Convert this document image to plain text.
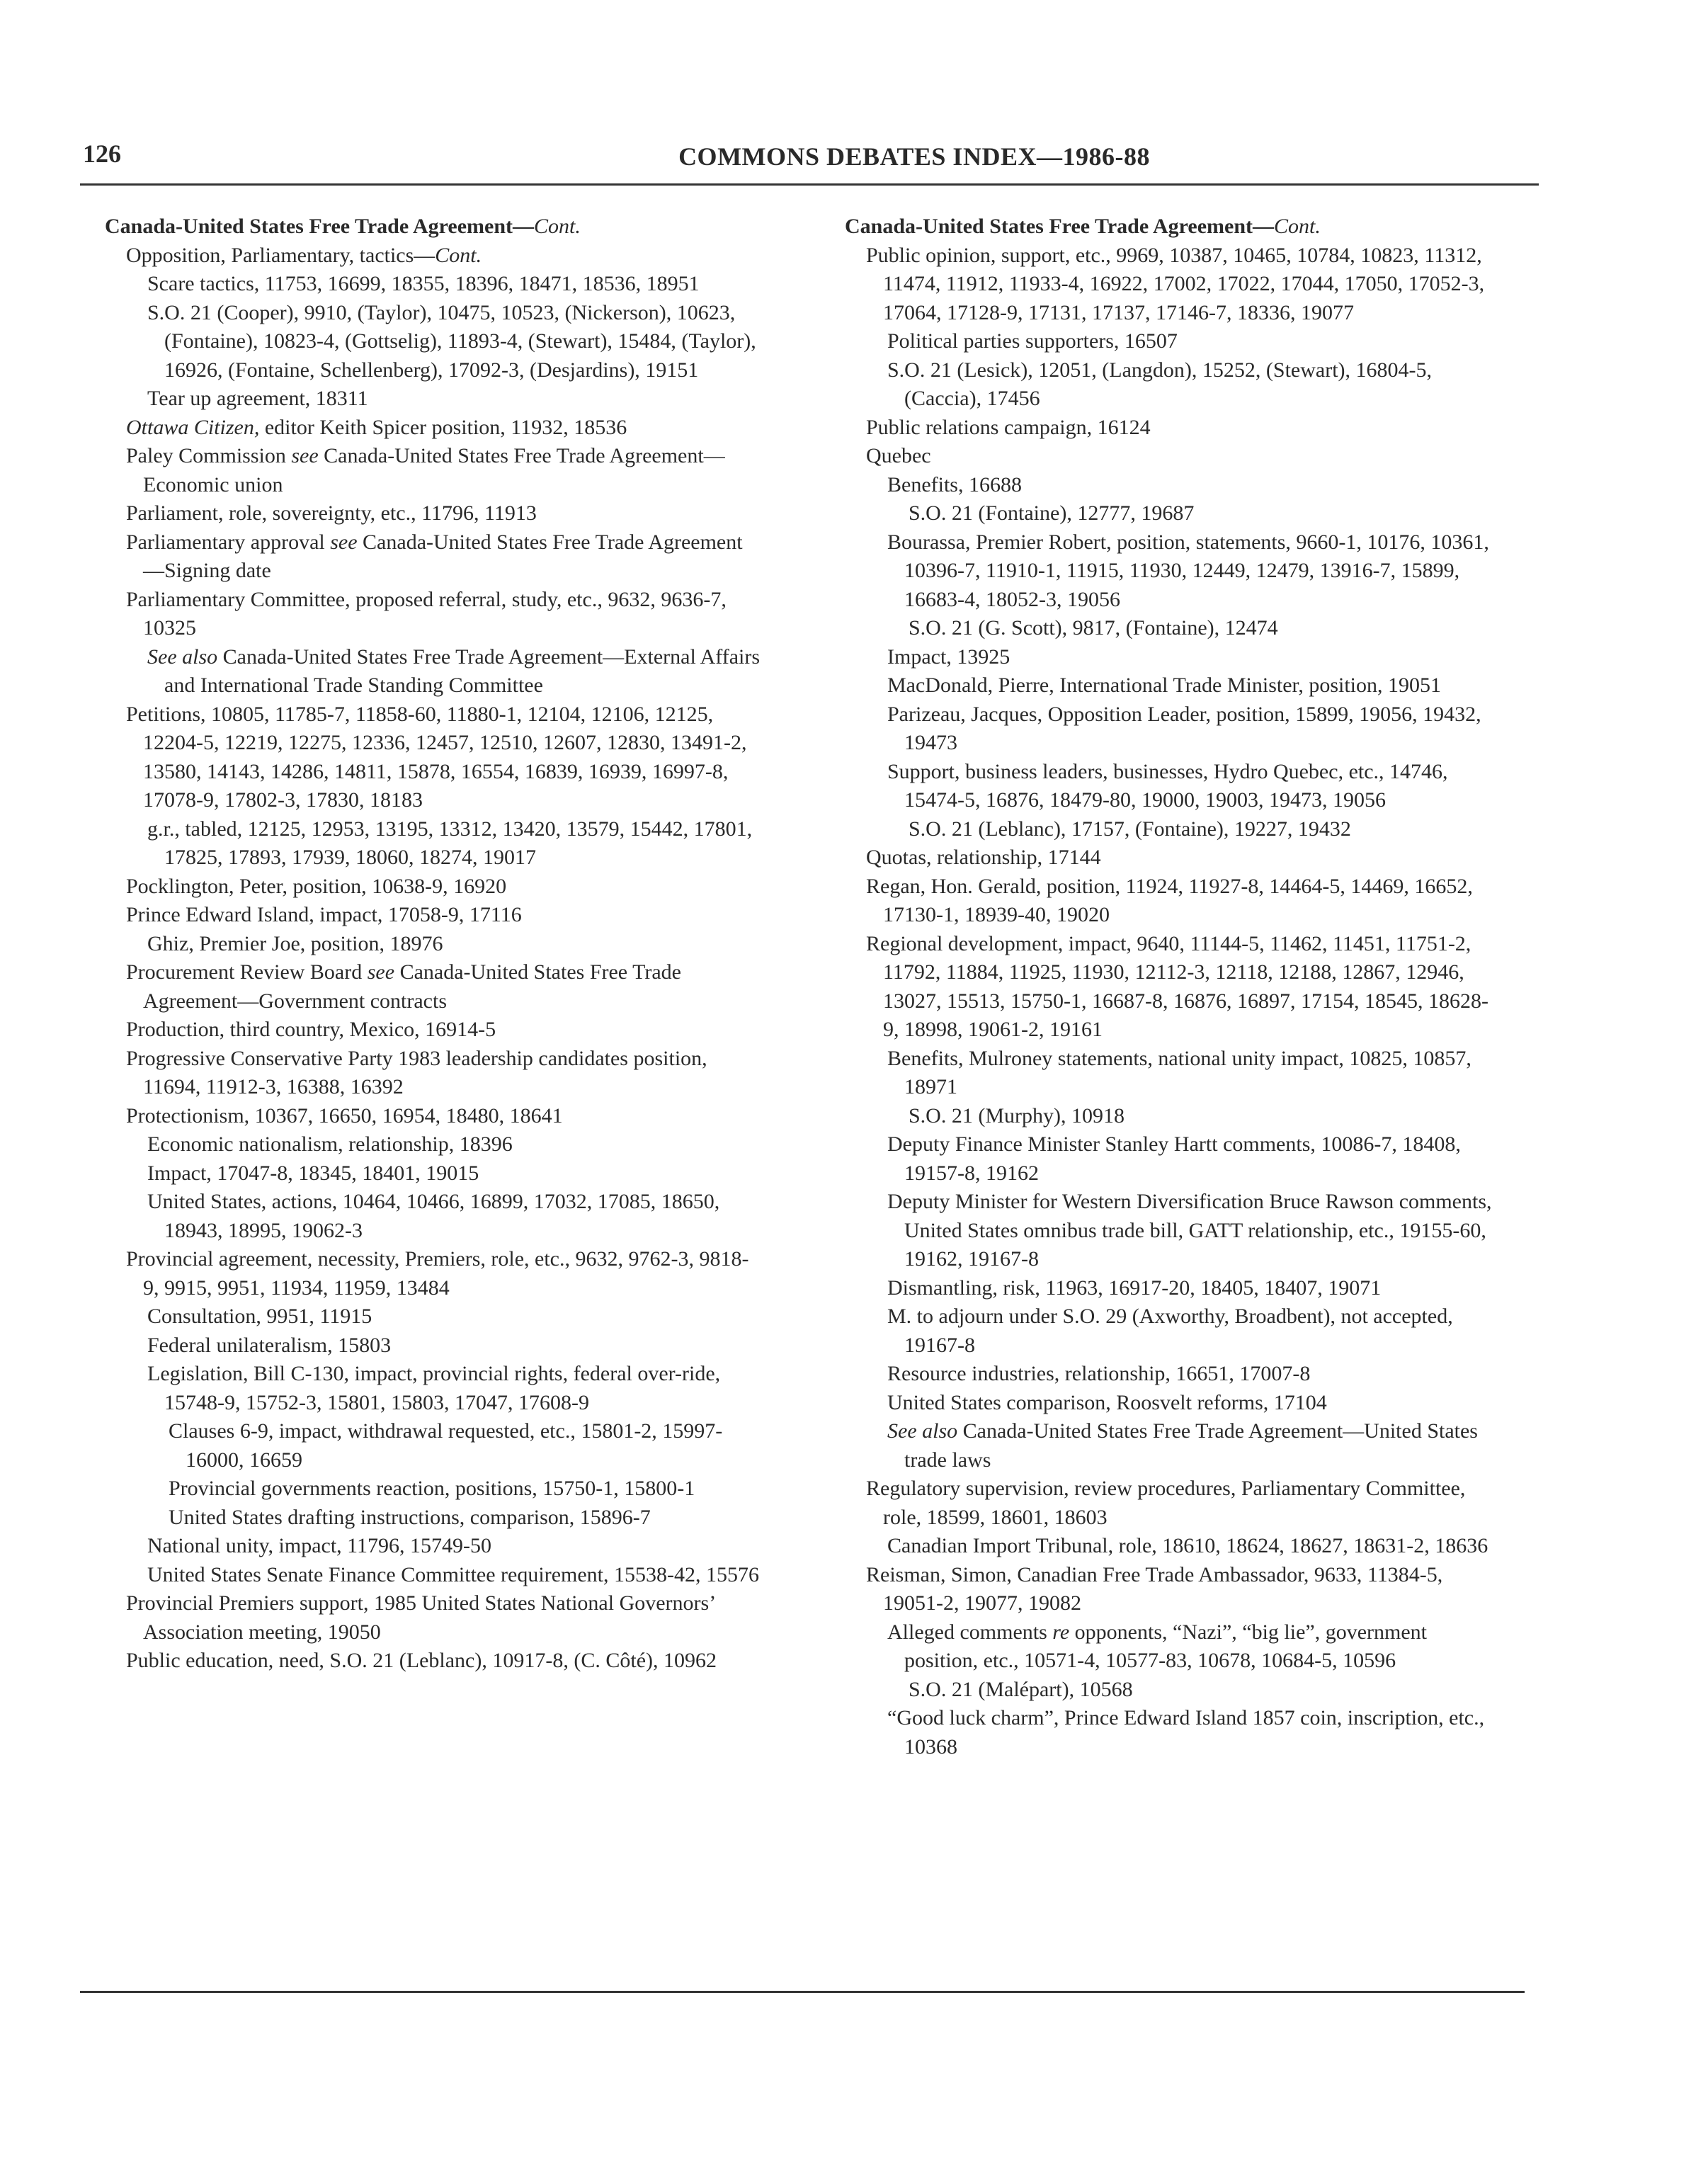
126	COMMONS DEBATES INDEX—1986-88

Canada-United States Free Trade Agreement—Cont.

Opposition, Parliamentary, tactics—Cont.

Scare tactics, 11753, 16699, 18355, 18396, 18471, 18536, 18951

S.O. 21 (Cooper), 9910, (Taylor), 10475, 10523, (Nickerson), 10623, (Fontaine), 10823-4, (Gottselig), 11893-4, (Stewart), 15484, (Taylor), 16926, (Fontaine, Schellenberg), 17092-3, (Desjardins), 19151

Tear up agreement, 18311

Ottawa Citizen, editor Keith Spicer position, 11932, 18536

Paley Commission see Canada-United States Free Trade Agreement—Economic union

Parliament, role, sovereignty, etc., 11796, 11913

Parliamentary approval see Canada-United States Free Trade Agreement—Signing date

Parliamentary Committee, proposed referral, study, etc., 9632, 9636-7, 10325

See also Canada-United States Free Trade Agreement—External Affairs and International Trade Standing Committee

Petitions, 10805, 11785-7, 11858-60, 11880-1, 12104, 12106, 12125, 12204-5, 12219, 12275, 12336, 12457, 12510, 12607, 12830, 13491-2, 13580, 14143, 14286, 14811, 15878, 16554, 16839, 16939, 16997-8, 17078-9, 17802-3, 17830, 18183

g.r., tabled, 12125, 12953, 13195, 13312, 13420, 13579, 15442, 17801, 17825, 17893, 17939, 18060, 18274, 19017

Pocklington, Peter, position, 10638-9, 16920

Prince Edward Island, impact, 17058-9, 17116

Ghiz, Premier Joe, position, 18976

Procurement Review Board see Canada-United States Free Trade Agreement—Government contracts

Production, third country, Mexico, 16914-5

Progressive Conservative Party 1983 leadership candidates position, 11694, 11912-3, 16388, 16392

Protectionism, 10367, 16650, 16954, 18480, 18641

Economic nationalism, relationship, 18396

Impact, 17047-8, 18345, 18401, 19015

United States, actions, 10464, 10466, 16899, 17032, 17085, 18650, 18943, 18995, 19062-3

Provincial agreement, necessity, Premiers, role, etc., 9632, 9762-3, 9818-9, 9915, 9951, 11934, 11959, 13484

Consultation, 9951, 11915

Federal unilateralism, 15803

Legislation, Bill C-130, impact, provincial rights, federal over-ride, 15748-9, 15752-3, 15801, 15803, 17047, 17608-9

Clauses 6-9, impact, withdrawal requested, etc., 15801-2, 15997-16000, 16659

Provincial governments reaction, positions, 15750-1, 15800-1

United States drafting instructions, comparison, 15896-7

National unity, impact, 11796, 15749-50

United States Senate Finance Committee requirement, 15538-42, 15576

Provincial Premiers support, 1985 United States National Governors’ Association meeting, 19050

Public education, need, S.O. 21 (Leblanc), 10917-8, (C. Côté), 10962

Canada-United States Free Trade Agreement—Cont.

Public opinion, support, etc., 9969, 10387, 10465, 10784, 10823, 11312, 11474, 11912, 11933-4, 16922, 17002, 17022, 17044, 17050, 17052-3, 17064, 17128-9, 17131, 17137, 17146-7, 18336, 19077

Political parties supporters, 16507

S.O. 21 (Lesick), 12051, (Langdon), 15252, (Stewart), 16804-5, (Caccia), 17456

Public relations campaign, 16124

Quebec

Benefits, 16688

S.O. 21 (Fontaine), 12777, 19687

Bourassa, Premier Robert, position, statements, 9660-1, 10176, 10361, 10396-7, 11910-1, 11915, 11930, 12449, 12479, 13916-7, 15899, 16683-4, 18052-3, 19056

S.O. 21 (G. Scott), 9817, (Fontaine), 12474

Impact, 13925

MacDonald, Pierre, International Trade Minister, position, 19051

Parizeau, Jacques, Opposition Leader, position, 15899, 19056, 19432, 19473

Support, business leaders, businesses, Hydro Quebec, etc., 14746, 15474-5, 16876, 18479-80, 19000, 19003, 19473, 19056

S.O. 21 (Leblanc), 17157, (Fontaine), 19227, 19432

Quotas, relationship, 17144

Regan, Hon. Gerald, position, 11924, 11927-8, 14464-5, 14469, 16652, 17130-1, 18939-40, 19020

Regional development, impact, 9640, 11144-5, 11462, 11451, 11751-2, 11792, 11884, 11925, 11930, 12112-3, 12118, 12188, 12867, 12946, 13027, 15513, 15750-1, 16687-8, 16876, 16897, 17154, 18545, 18628-9, 18998, 19061-2, 19161

Benefits, Mulroney statements, national unity impact, 10825, 10857, 18971

S.O. 21 (Murphy), 10918

Deputy Finance Minister Stanley Hartt comments, 10086-7, 18408, 19157-8, 19162

Deputy Minister for Western Diversification Bruce Rawson comments, United States omnibus trade bill, GATT relationship, etc., 19155-60, 19162, 19167-8

Dismantling, risk, 11963, 16917-20, 18405, 18407, 19071

M. to adjourn under S.O. 29 (Axworthy, Broadbent), not accepted, 19167-8

Resource industries, relationship, 16651, 17007-8

United States comparison, Roosvelt reforms, 17104

See also Canada-United States Free Trade Agreement—United States trade laws

Regulatory supervision, review procedures, Parliamentary Committee, role, 18599, 18601, 18603

Canadian Import Tribunal, role, 18610, 18624, 18627, 18631-2, 18636

Reisman, Simon, Canadian Free Trade Ambassador, 9633, 11384-5, 19051-2, 19077, 19082

Alleged comments re opponents, “Nazi”, “big lie”, government position, etc., 10571-4, 10577-83, 10678, 10684-5, 10596

S.O. 21 (Malépart), 10568

“Good luck charm”, Prince Edward Island 1857 coin, inscription, etc., 10368
